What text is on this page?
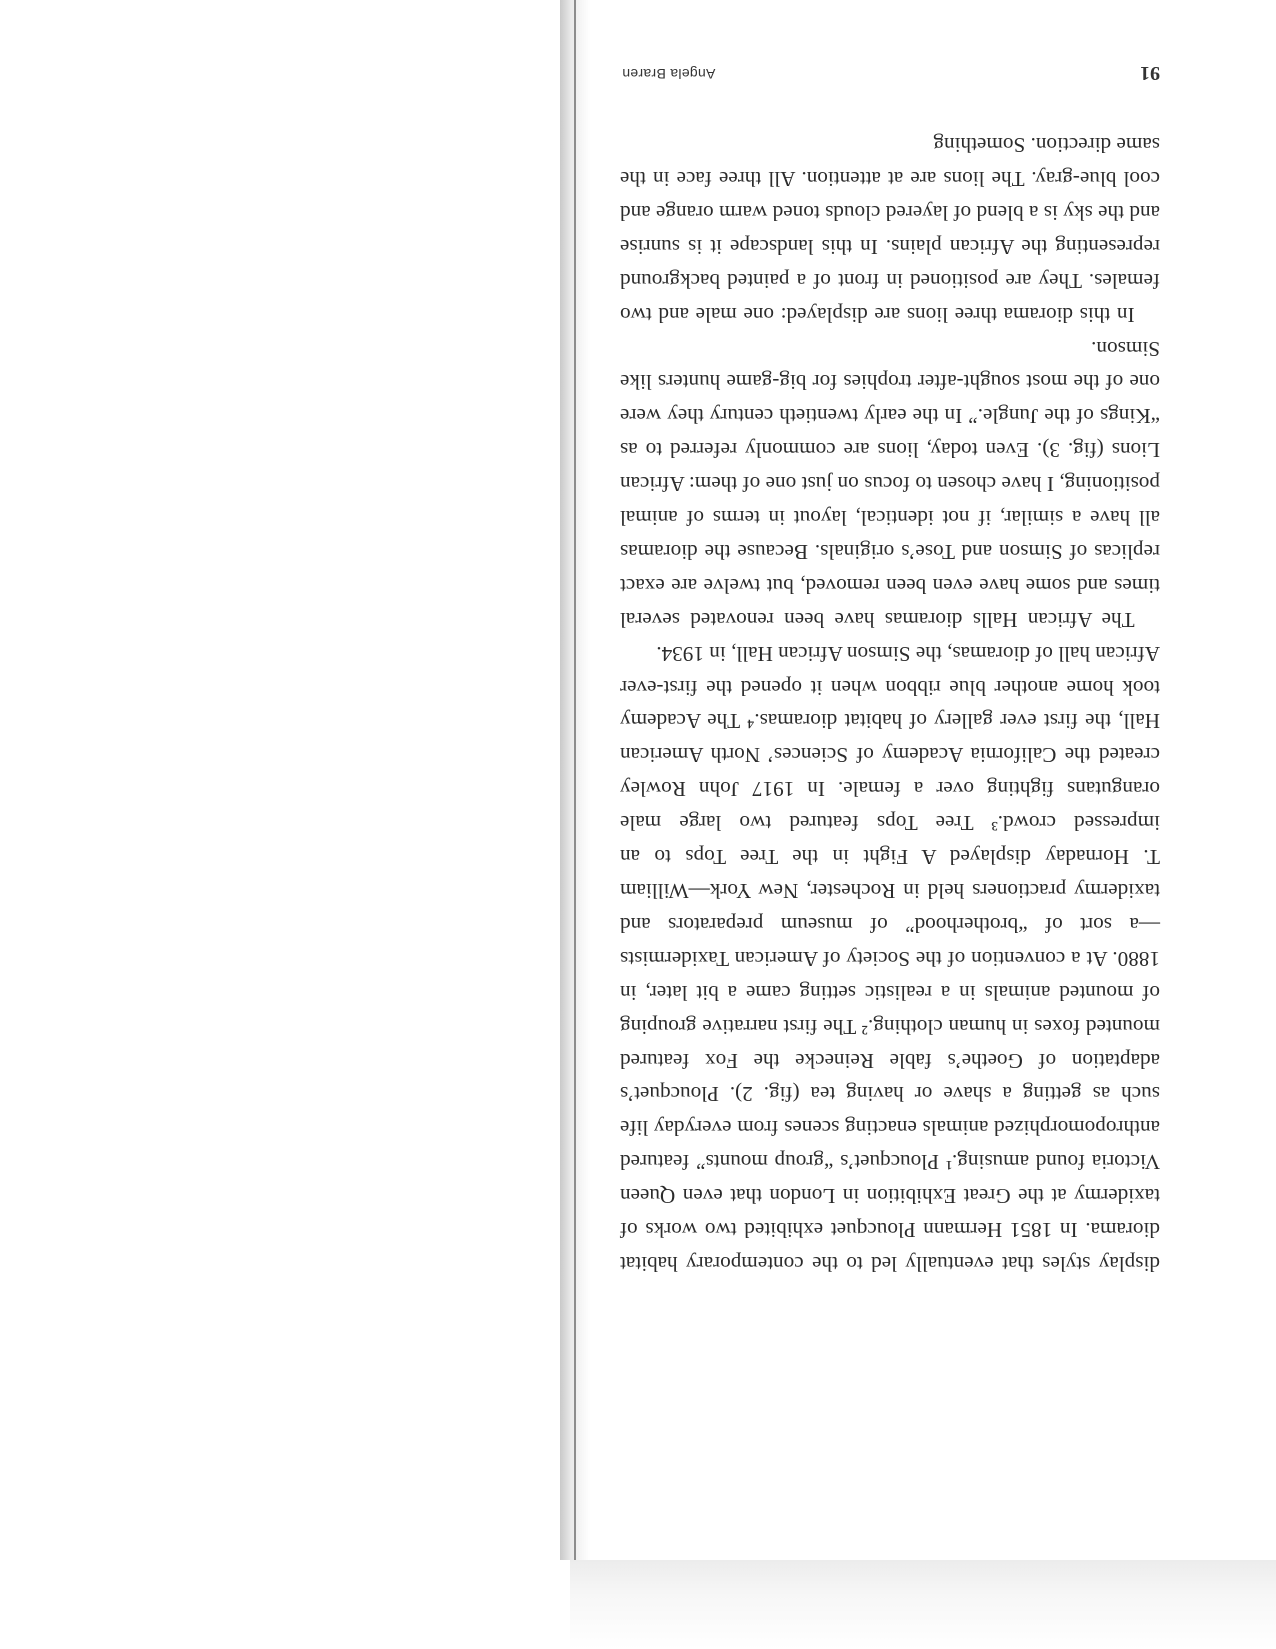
display styles that eventually led to the contemporary habitat diorama. In 1851 Hermann Ploucquet exhibited two works of taxidermy at the Great Exhibition in London that even Queen Victoria found amusing.¹ Ploucquet’s “group mounts” featured anthropomorphized animals enacting scenes from everyday life such as getting a shave or having tea (fig. 2). Ploucquet’s adaptation of Goethe’s fable Reinecke the Fox featured mounted foxes in human clothing.² The first narrative grouping of mounted animals in a realistic setting came a bit later, in 1880. At a convention of the Society of American Taxidermists—a sort of “brotherhood” of museum preparators and taxidermy practioners held in Rochester, New York—William T. Hornaday displayed A Fight in the Tree Tops to an impressed crowd.³ Tree Tops featured two large male orangutans fighting over a female. In 1917 John Rowley created the California Academy of Sciences’ North American Hall, the first ever gallery of habitat dioramas.⁴ The Academy took home another blue ribbon when it opened the first-ever African hall of dioramas, the Simson African Hall, in 1934.

The African Halls dioramas have been renovated several times and some have even been removed, but twelve are exact replicas of Simson and Tose’s originals. Because the dioramas all have a similar, if not identical, layout in terms of animal positioning, I have chosen to focus on just one of them: African Lions (fig. 3). Even today, lions are commonly referred to as “Kings of the Jungle.” In the early twentieth century they were one of the most sought-after trophies for big-game hunters like Simson.

In this diorama three lions are displayed: one male and two females. They are positioned in front of a painted background representing the African plains. In this landscape it is sunrise and the sky is a blend of layered clouds toned warm orange and cool blue-gray. The lions are at attention. All three face in the same direction. Something

91
Angela Braren
